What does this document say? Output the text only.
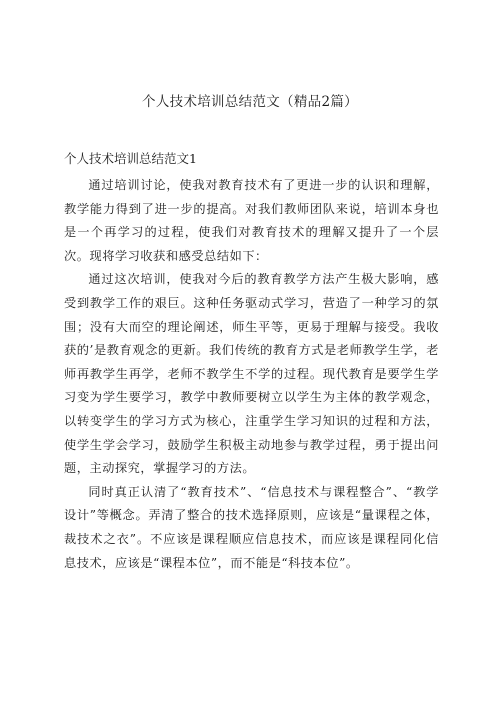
个人技术培训总结范文（精品2篇）
个人技术培训总结范文1

通过培训讨论，使我对教育技术有了更进一步的认识和理解，教学能力得到了进一步的提高。对我们教师团队来说，培训本身也是一个再学习的过程，使我们对教育技术的理解又提升了一个层次。现将学习收获和感受总结如下：

通过这次培训，使我对今后的教育教学方法产生极大影响，感受到教学工作的艰巨。这种任务驱动式学习，营造了一种学习的氛围；没有大而空的理论阐述，师生平等，更易于理解与接受。我收获的’是教育观念的更新。我们传统的教育方式是老师教学生学，老师再教学生再学，老师不教学生不学的过程。现代教育是要学生学习变为学生要学习，教学中教师要树立以学生为主体的教学观念，以转变学生的学习方式为核心，注重学生学习知识的过程和方法，使学生学会学习，鼓励学生积极主动地参与教学过程，勇于提出问题，主动探究，掌握学习的方法。

同时真正认清了“教育技术”、“信息技术与课程整合”、“教学设计”等概念。弄清了整合的技术选择原则，应该是“量课程之体，裁技术之衣”。不应该是课程顺应信息技术，而应该是课程同化信息技术，应该是“课程本位”，而不能是“科技本位”。
